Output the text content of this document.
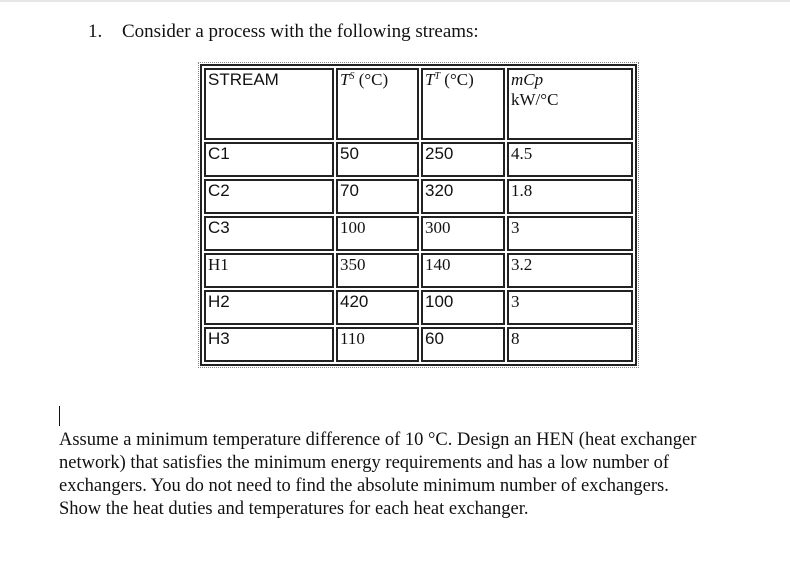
1. Consider a process with the following streams:
STREAM	$T^S$ (°C)	$T^T$ (°C)	mCp
kW/°C

C1	50	250	4.5
C2	70	320	1.8
C3	100	300	3
H1	350	140	3.2
H2	420	100	3
H3	110	60	8
Assume a minimum temperature difference of 10 °C. Design an HEN (heat exchanger
network) that satisfies the minimum energy requirements and has a low number of
exchangers. You do not need to find the absolute minimum number of exchangers.
Show the heat duties and temperatures for each heat exchanger.
